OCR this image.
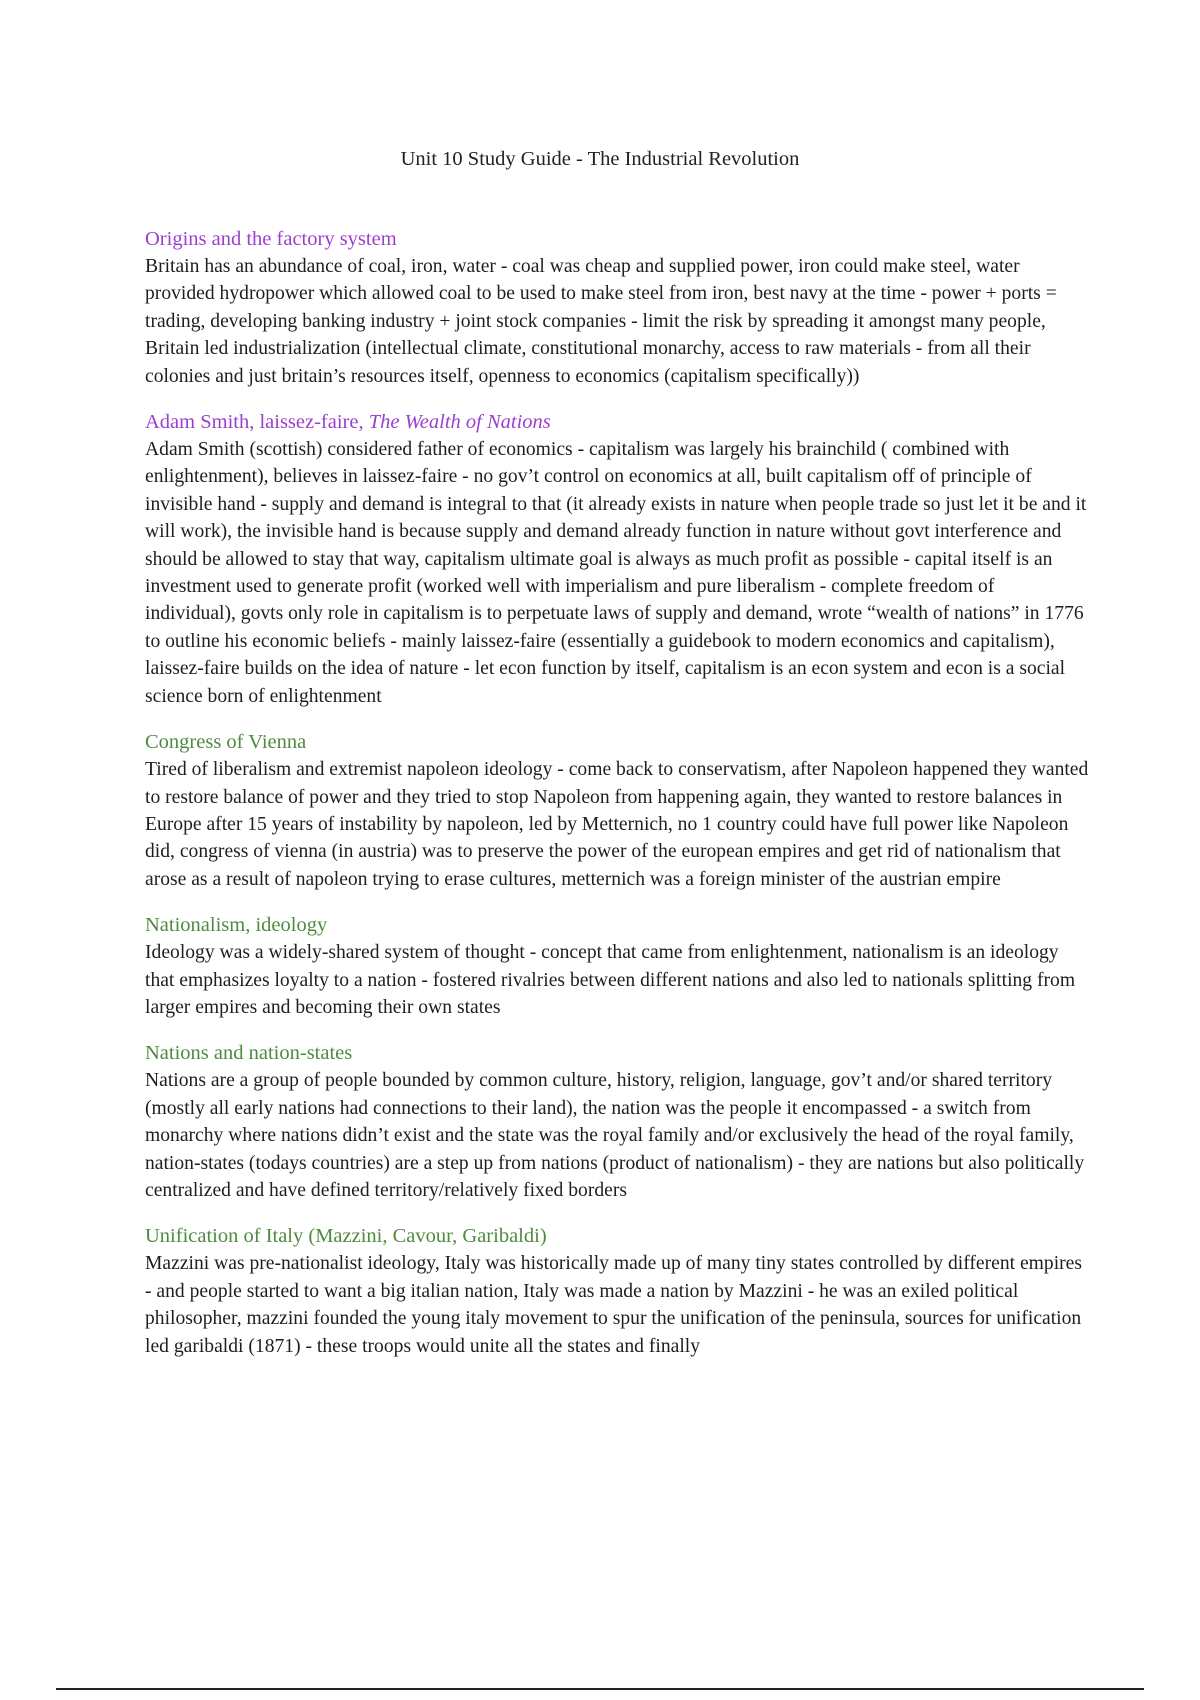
Unit 10 Study Guide - The Industrial Revolution

Origins and the factory system

Britain has an abundance of coal, iron, water - coal was cheap and supplied power, iron could make steel, water provided hydropower which allowed coal to be used to make steel from iron, best navy at the time - power + ports = trading, developing banking industry + joint stock companies - limit the risk by spreading it amongst many people, Britain led industrialization (intellectual climate, constitutional monarchy, access to raw materials - from all their colonies and just britain’s resources itself, openness to economics (capitalism specifically))

Adam Smith, laissez-faire, The Wealth of Nations

Adam Smith (scottish) considered father of economics - capitalism was largely his brainchild ( combined with enlightenment), believes in laissez-faire - no gov’t control on economics at all, built capitalism off of principle of invisible hand - supply and demand is integral to that (it already exists in nature when people trade so just let it be and it will work), the invisible hand is because supply and demand already function in nature without govt interference and should be allowed to stay that way, capitalism ultimate goal is always as much profit as possible - capital itself is an investment used to generate profit (worked well with imperialism and pure liberalism - complete freedom of individual), govts only role in capitalism is to perpetuate laws of supply and demand, wrote “wealth of nations” in 1776 to outline his economic beliefs - mainly laissez-faire (essentially a guidebook to modern economics and capitalism), laissez-faire builds on the idea of nature - let econ function by itself, capitalism is an econ system and econ is a social science born of enlightenment

Congress of Vienna

Tired of liberalism and extremist napoleon ideology - come back to conservatism, after Napoleon happened they wanted to restore balance of power and they tried to stop Napoleon from happening again, they wanted to restore balances in Europe after 15 years of instability by napoleon, led by Metternich, no 1 country could have full power like Napoleon did, congress of vienna (in austria) was to preserve the power of the european empires and get rid of nationalism that arose as a result of napoleon trying to erase cultures, metternich was a foreign minister of the austrian empire

Nationalism, ideology

Ideology was a widely-shared system of thought - concept that came from enlightenment, nationalism is an ideology that emphasizes loyalty to a nation - fostered rivalries between different nations and also led to nationals splitting from larger empires and becoming their own states

Nations and nation-states

Nations are a group of people bounded by common culture, history, religion, language, gov’t and/or shared territory (mostly all early nations had connections to their land), the nation was the people it encompassed - a switch from monarchy where nations didn’t exist and the state was the royal family and/or exclusively the head of the royal family, nation-states (todays countries) are a step up from nations (product of nationalism) - they are nations but also politically centralized and have defined territory/relatively fixed borders

Unification of Italy (Mazzini, Cavour, Garibaldi)

Mazzini was pre-nationalist ideology, Italy was historically made up of many tiny states controlled by different empires - and people started to want a big italian nation, Italy was made a nation by Mazzini - he was an exiled political philosopher, mazzini founded the young italy movement to spur the unification of the peninsula, sources for unification led garibaldi (1871) - these troops would unite all the states and finally
